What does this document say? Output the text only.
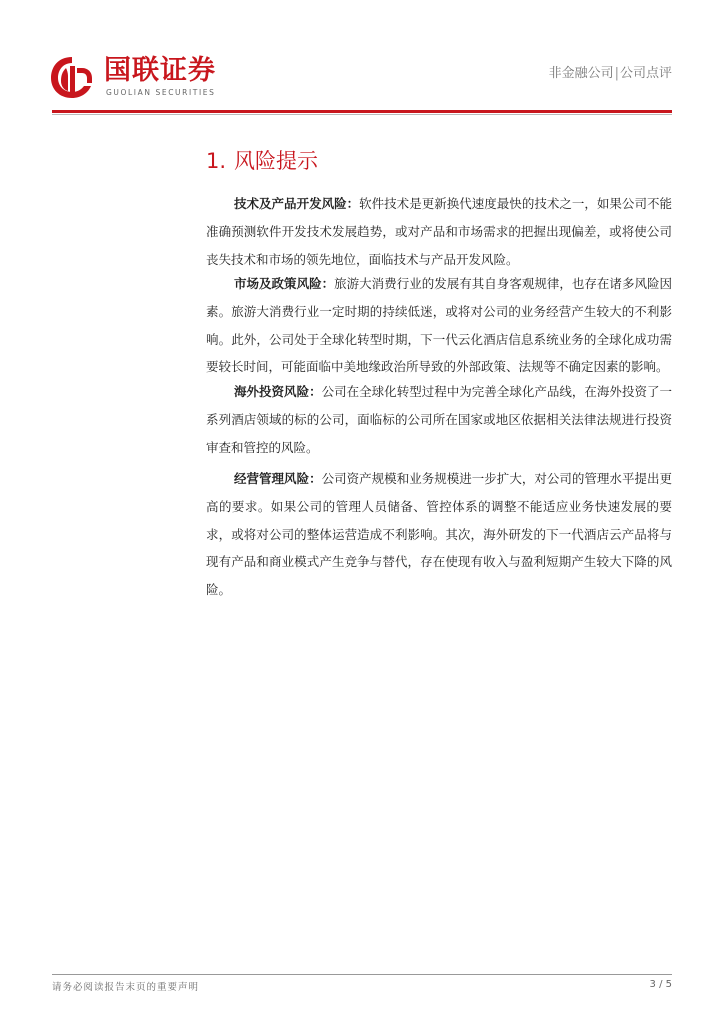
国联证券
GUOLIAN SECURITIES
非金融公司|公司点评
1. 风险提示
技术及产品开发风险：软件技术是更新换代速度最快的技术之一，如果公司不能准确预测软件开发技术发展趋势，或对产品和市场需求的把握出现偏差，或将使公司丧失技术和市场的领先地位，面临技术与产品开发风险。
市场及政策风险：旅游大消费行业的发展有其自身客观规律，也存在诸多风险因素。旅游大消费行业一定时期的持续低迷，或将对公司的业务经营产生较大的不利影响。此外，公司处于全球化转型时期，下一代云化酒店信息系统业务的全球化成功需要较长时间，可能面临中美地缘政治所导致的外部政策、法规等不确定因素的影响。
海外投资风险：公司在全球化转型过程中为完善全球化产品线，在海外投资了一系列酒店领域的标的公司，面临标的公司所在国家或地区依据相关法律法规进行投资审查和管控的风险。
经营管理风险：公司资产规模和业务规模进一步扩大，对公司的管理水平提出更高的要求。如果公司的管理人员储备、管控体系的调整不能适应业务快速发展的要求，或将对公司的整体运营造成不利影响。其次，海外研发的下一代酒店云产品将与现有产品和商业模式产生竞争与替代，存在使现有收入与盈利短期产生较大下降的风险。
请务必阅读报告末页的重要声明	3 / 5
